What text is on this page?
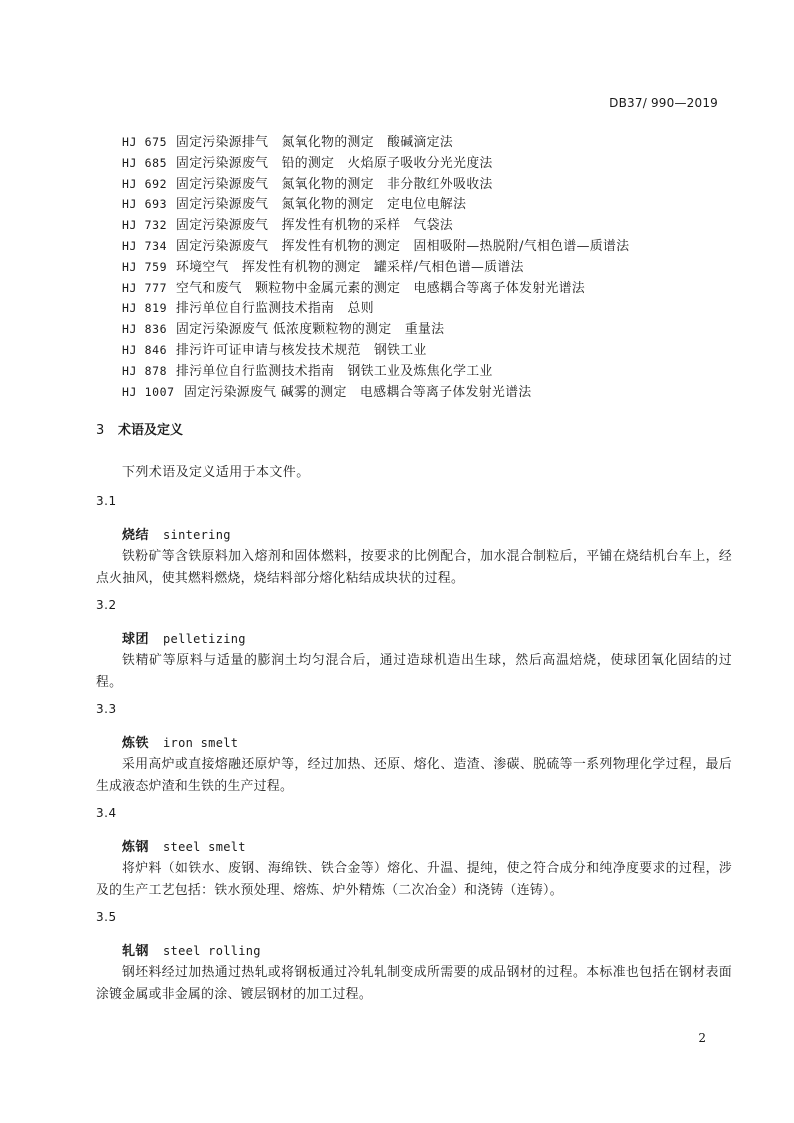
DB37/ 990—2019
HJ 675 固定污染源排气　氮氧化物的测定　酸碱滴定法
HJ 685 固定污染源废气　铅的测定　火焰原子吸收分光光度法
HJ 692 固定污染源废气　氮氧化物的测定　非分散红外吸收法
HJ 693 固定污染源废气　氮氧化物的测定　定电位电解法
HJ 732 固定污染源废气　挥发性有机物的采样　气袋法
HJ 734 固定污染源废气　挥发性有机物的测定　固相吸附—热脱附/气相色谱—质谱法
HJ 759 环境空气　挥发性有机物的测定　罐采样/气相色谱—质谱法
HJ 777 空气和废气　颗粒物中金属元素的测定　电感耦合等离子体发射光谱法
HJ 819 排污单位自行监测技术指南　总则
HJ 836 固定污染源废气 低浓度颗粒物的测定　重量法
HJ 846 排污许可证申请与核发技术规范　钢铁工业
HJ 878 排污单位自行监测技术指南　钢铁工业及炼焦化学工业
HJ 1007 固定污染源废气 碱雾的测定　电感耦合等离子体发射光谱法
3 术语及定义
下列术语及定义适用于本文件。
3.1
烧结 sintering
铁粉矿等含铁原料加入熔剂和固体燃料，按要求的比例配合，加水混合制粒后，平铺在烧结机台车上，经点火抽风，使其燃料燃烧，烧结料部分熔化粘结成块状的过程。
3.2
球团 pelletizing
铁精矿等原料与适量的膨润土均匀混合后，通过造球机造出生球，然后高温焙烧，使球团氧化固结的过程。
3.3
炼铁 iron smelt
采用高炉或直接熔融还原炉等，经过加热、还原、熔化、造渣、渗碳、脱硫等一系列物理化学过程，最后生成液态炉渣和生铁的生产过程。
3.4
炼钢 steel smelt
将炉料（如铁水、废钢、海绵铁、铁合金等）熔化、升温、提纯，使之符合成分和纯净度要求的过程，涉及的生产工艺包括：铁水预处理、熔炼、炉外精炼（二次冶金）和浇铸（连铸）。
3.5
轧钢 steel rolling
钢坯料经过加热通过热轧或将钢板通过冷轧轧制变成所需要的成品钢材的过程。本标准也包括在钢材表面涂镀金属或非金属的涂、镀层钢材的加工过程。
2
